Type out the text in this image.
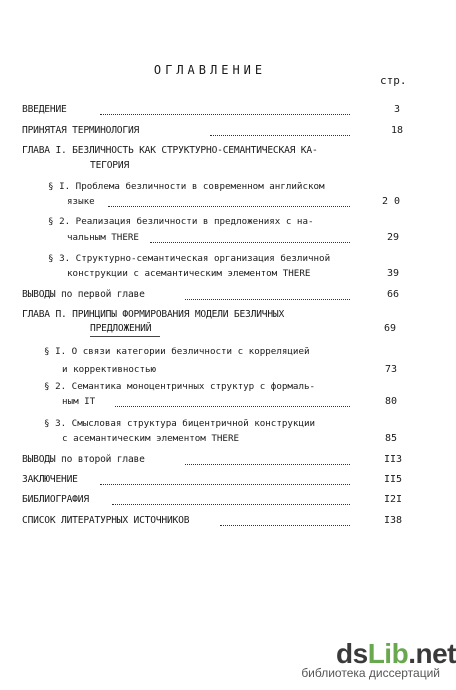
ОГЛАВЛЕНИЕ
стр.
ВВЕДЕНИЕ	3
ПРИНЯТАЯ ТЕРМИНОЛОГИЯ	18
ГЛАВА I. БЕЗЛИЧНОСТЬ КАК СТРУКТУРНО-СЕМАНТИЧЕСКАЯ КА-
ТЕГОРИЯ
§ I. Проблема безличности в современном английском
языке	2 0
§ 2. Реализация безличности в предложениях с на-
чальным THERE	29
§ 3. Структурно-семантическая организация безличной
конструкции с асемантическим элементом THERE	39
ВЫВОДЫ по первой главе	66
ГЛАВА П. ПРИНЦИПЫ ФОРМИРОВАНИЯ МОДЕЛИ БЕЗЛИЧНЫХ
ПРЕДЛОЖЕНИЙ	69
§ I. О связи категории безличности с корреляцией
и коррективностью	73
§ 2. Семантика моноцентричных структур с формаль-
ным IT	80
§ 3. Смысловая структура бицентричной конструкции
с асемантическим элементом THERE	85
ВЫВОДЫ по второй главе	II3
ЗАКЛЮЧЕНИЕ	II5
БИБЛИОГРАФИЯ	I2I
СПИСОК ЛИТЕРАТУРНЫХ ИСТОЧНИКОВ	I38
dsLib.net
библиотека диссертаций
